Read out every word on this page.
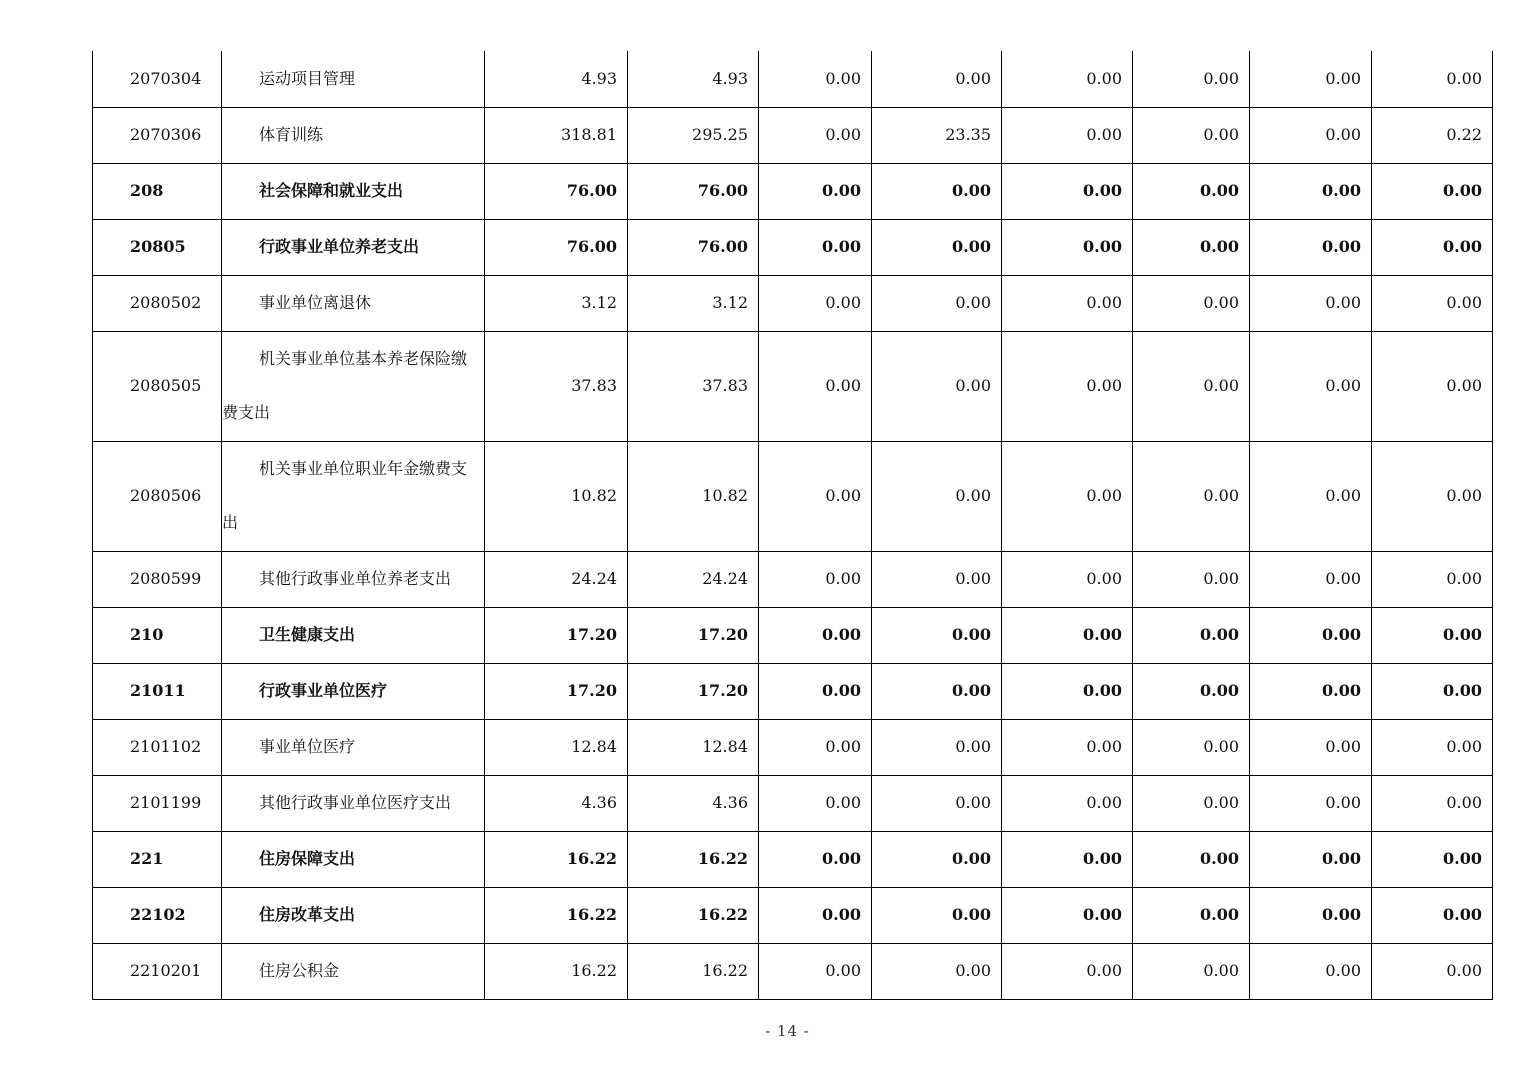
2070304	运动项目管理	4.93	4.93	0.00	0.00	0.00	0.00	0.00	0.00
2070306	体育训练	318.81	295.25	0.00	23.35	0.00	0.00	0.00	0.22
208	社会保障和就业支出	76.00	76.00	0.00	0.00	0.00	0.00	0.00	0.00
20805	行政事业单位养老支出	76.00	76.00	0.00	0.00	0.00	0.00	0.00	0.00
2080502	事业单位离退休	3.12	3.12	0.00	0.00	0.00	0.00	0.00	0.00
2080505	机关事业单位基本养老保险缴费支出	37.83	37.83	0.00	0.00	0.00	0.00	0.00	0.00
2080506	机关事业单位职业年金缴费支出	10.82	10.82	0.00	0.00	0.00	0.00	0.00	0.00
2080599	其他行政事业单位养老支出	24.24	24.24	0.00	0.00	0.00	0.00	0.00	0.00
210	卫生健康支出	17.20	17.20	0.00	0.00	0.00	0.00	0.00	0.00
21011	行政事业单位医疗	17.20	17.20	0.00	0.00	0.00	0.00	0.00	0.00
2101102	事业单位医疗	12.84	12.84	0.00	0.00	0.00	0.00	0.00	0.00
2101199	其他行政事业单位医疗支出	4.36	4.36	0.00	0.00	0.00	0.00	0.00	0.00
221	住房保障支出	16.22	16.22	0.00	0.00	0.00	0.00	0.00	0.00
22102	住房改革支出	16.22	16.22	0.00	0.00	0.00	0.00	0.00	0.00
2210201	住房公积金	16.22	16.22	0.00	0.00	0.00	0.00	0.00	0.00
- 14 -
